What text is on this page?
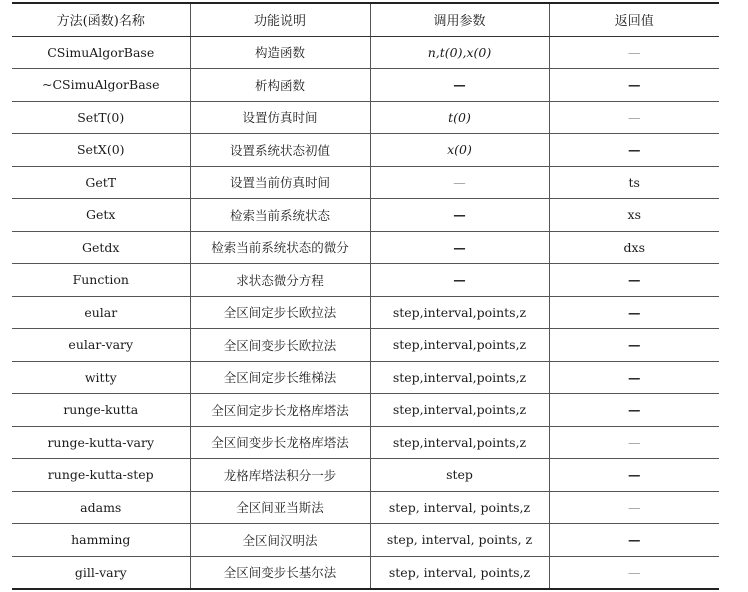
方法(函数)名称	功能说明	调用参数	返回值
CSimuAlgorBase	构造函数	n,t(0),x(0)	—
~CSimuAlgorBase	析构函数	—	—
SetT(0)	设置仿真时间	t(0)	—
SetX(0)	设置系统状态初值	x(0)	—
GetT	设置当前仿真时间	—	ts
Getx	检索当前系统状态	—	xs
Getdx	检索当前系统状态的微分	—	dxs
Function	求状态微分方程	—	—
eular	全区间定步长欧拉法	step,interval,points,z	—
eular-vary	全区间变步长欧拉法	step,interval,points,z	—
witty	全区间定步长维梯法	step,interval,points,z	—
runge-kutta	全区间定步长龙格库塔法	step,interval,points,z	—
runge-kutta-vary	全区间变步长龙格库塔法	step,interval,points,z	—
runge-kutta-step	龙格库塔法积分一步	step	—
adams	全区间亚当斯法	step, interval, points,z	—
hamming	全区间汉明法	step, interval, points, z	—
gill-vary	全区间变步长基尔法	step, interval, points,z	—
